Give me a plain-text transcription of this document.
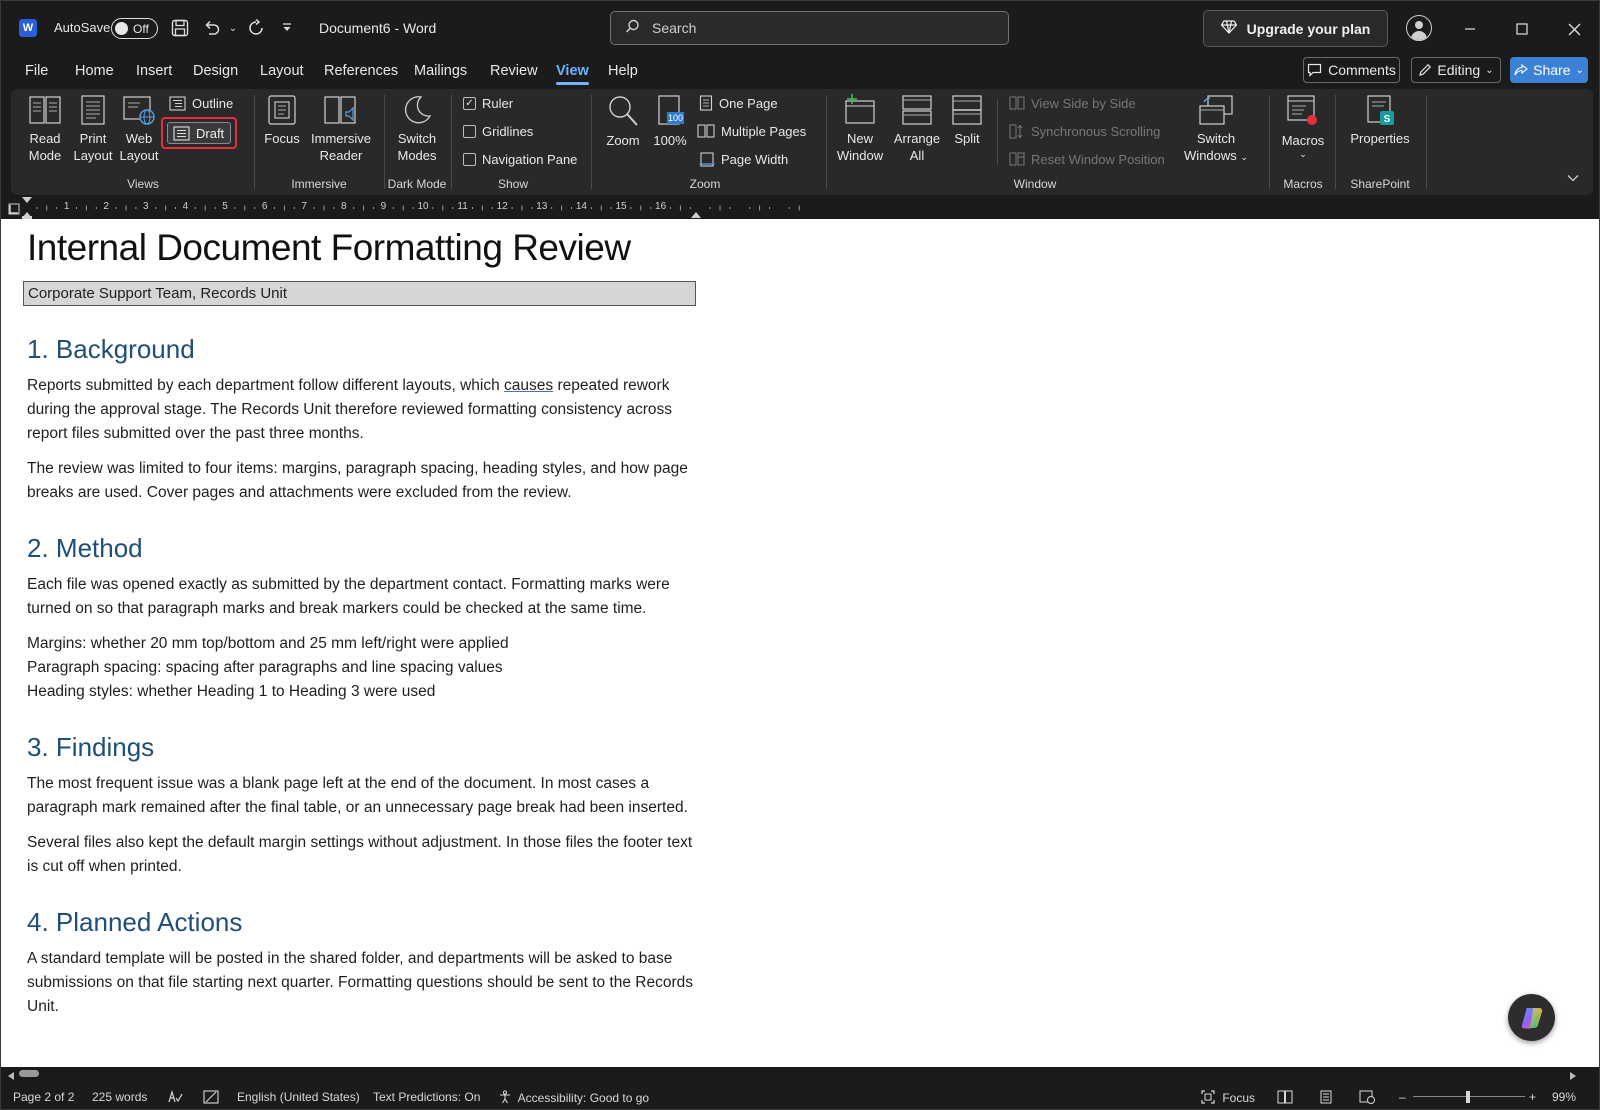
W AutoSave Off	⌄	Document6 - Word
Search	Upgrade your plan
File Home Insert Design Layout References Mailings Review View Help	Comments	Editing ⌄	Share ⌄
Read
Mode
Print
Layout
Web
Layout
Outline
Draft
Views
Focus Immersive
Reader
Immersive
Switch
Modes
Dark Mode
✓ Ruler
Gridlines
Navigation Pane
Show
Zoom
100
100%
One Page
Multiple Pages
Page Width
Zoom
New
Window
Arrange
All
Split
View Side by Side
Synchronous Scrolling
Reset Window Position
Switch
Windows ⌄
Window
Macros
⌄
Macros
S
Properties
SharePoint
1	2	3	4	5	6	7	8	9	10	11	12	13	14	15	16
Internal Document Formatting Review
Corporate Support Team, Records Unit
1. Background

Reports submitted by each department follow different layouts, which causes repeated rework during the approval stage. The Records Unit therefore reviewed formatting consistency across report files submitted over the past three months.

The review was limited to four items: margins, paragraph spacing, heading styles, and how page breaks are used. Cover pages and attachments were excluded from the review.

2. Method

Each file was opened exactly as submitted by the department contact. Formatting marks were turned on so that paragraph marks and break markers could be checked at the same time.

Margins: whether 20 mm top/bottom and 25 mm left/right were applied
Paragraph spacing: spacing after paragraphs and line spacing values
Heading styles: whether Heading 1 to Heading 3 were used
3. Findings

The most frequent issue was a blank page left at the end of the document. In most cases a paragraph mark remained after the final table, or an unnecessary page break had been inserted.

Several files also kept the default margin settings without adjustment. In those files the footer text is cut off when printed.

4. Planned Actions

A standard template will be posted in the shared folder, and departments will be asked to base submissions on that file starting next quarter. Formatting questions should be sent to the Records Unit.

Page 2 of 2 225 words	English (United States) Text Predictions: On	Accessibility: Good to go	Focus	–	+ 99%
